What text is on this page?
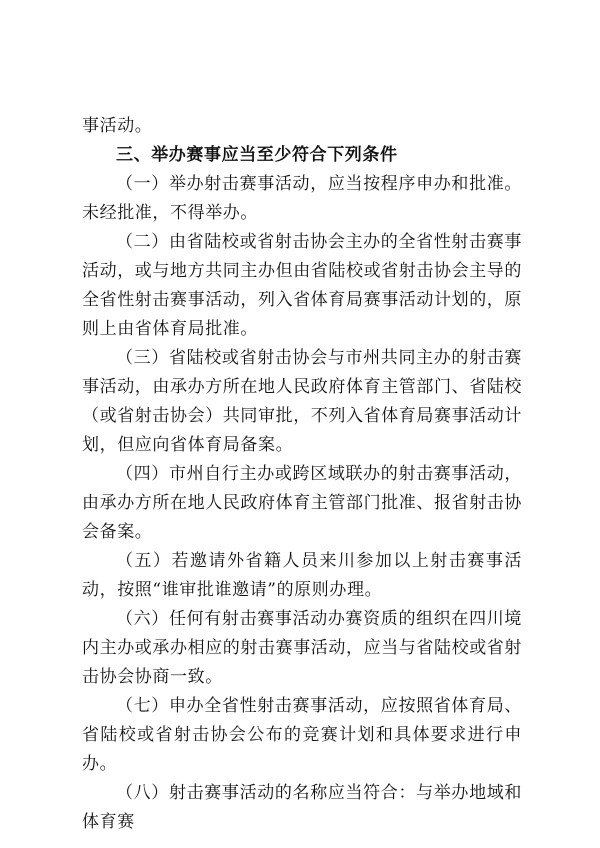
事活动。

三、举办赛事应当至少符合下列条件

（一）举办射击赛事活动，应当按程序申办和批准。未经批准，不得举办。

（二）由省陆校或省射击协会主办的全省性射击赛事活动，或与地方共同主办但由省陆校或省射击协会主导的全省性射击赛事活动，列入省体育局赛事活动计划的，原则上由省体育局批准。

（三）省陆校或省射击协会与市州共同主办的射击赛事活动，由承办方所在地人民政府体育主管部门、省陆校（或省射击协会）共同审批，不列入省体育局赛事活动计划，但应向省体育局备案。

（四）市州自行主办或跨区域联办的射击赛事活动，由承办方所在地人民政府体育主管部门批准、报省射击协会备案。

（五）若邀请外省籍人员来川参加以上射击赛事活动，按照“谁审批谁邀请”的原则办理。

（六）任何有射击赛事活动办赛资质的组织在四川境内主办或承办相应的射击赛事活动，应当与省陆校或省射击协会协商一致。

（七）申办全省性射击赛事活动，应按照省体育局、省陆校或省射击协会公布的竞赛计划和具体要求进行申办。

（八）射击赛事活动的名称应当符合：与举办地域和体育赛
